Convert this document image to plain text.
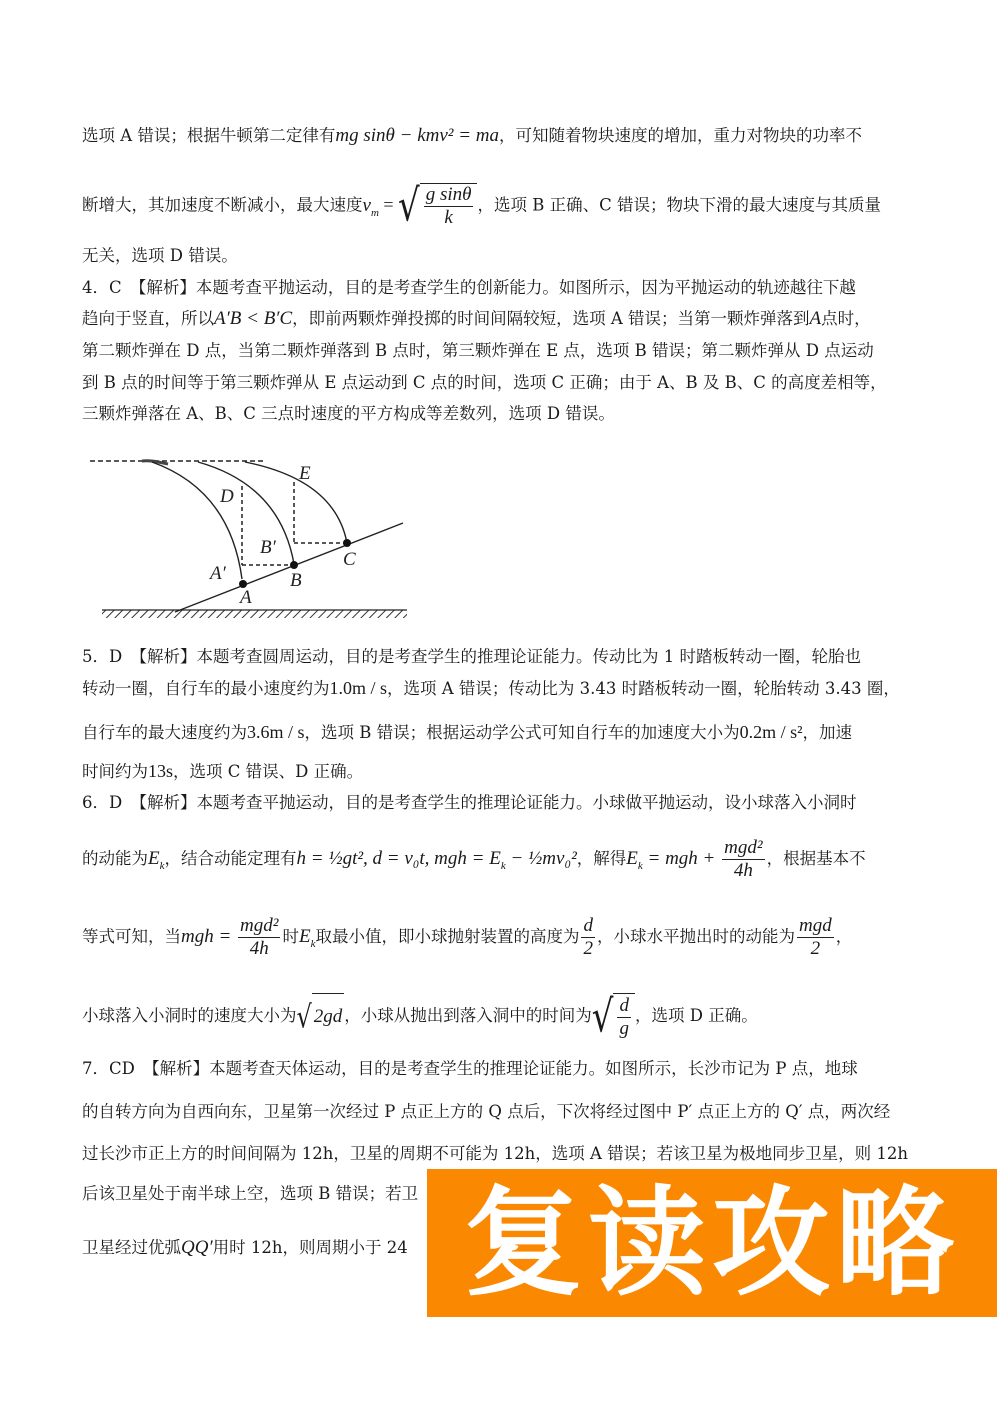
选项 A 错误；根据牛顿第二定律有mg sinθ − kmv² = ma，可知随着物块速度的增加，重力对物块的功率不
断增大，其加速度不断减小，最大速度$v_m$ = √ $\frac{\text{g sinθ}}{k}$ ，选项 B 正确、C 错误；物块下滑的最大速度与其质量
无关，选项 D 错误。
4．C　【解析】本题考查平抛运动，目的是考查学生的创新能力。如图所示，因为平抛运动的轨迹越往下越
趋向于竖直，所以A′B < B′C，即前两颗炸弹投掷的时间间隔较短，选项 A 错误；当第一颗炸弹落到A点时，
第二颗炸弹在 D 点，当第二颗炸弹落到 B 点时，第三颗炸弹在 E 点，选项 B 错误；第二颗炸弹从 D 点运动
到 B 点的时间等于第三颗炸弹从 E 点运动到 C 点的时间，选项 C 正确；由于 A、B 及 B、C 的高度差相等，
三颗炸弹落在 A、B、C 三点时速度的平方构成等差数列，选项 D 错误。
D
E
B′
A′
A
B
C
5．D　【解析】本题考查圆周运动，目的是考查学生的推理论证能力。传动比为 1 时踏板转动一圈，轮胎也
转动一圈，自行车的最小速度约为1.0m / s，选项 A 错误；传动比为 3.43 时踏板转动一圈，轮胎转动 3.43 圈，
自行车的最大速度约为3.6m / s，选项 B 错误；根据运动学公式可知自行车的加速度大小为0.2m / s²，加速
时间约为13s，选项 C 错误、D 正确。
6．D　【解析】本题考查平抛运动，目的是考查学生的推理论证能力。小球做平抛运动，设小球落入小洞时
的动能为$E_k$，结合动能定理有h = ½gt², d = v₀t, mgh = $E_k$ − ½mv₀²，解得$E_k$ = mgh + $\frac{\text{mgd²}}{4h}$ ，根据基本不
等式可知，当mgh = $\frac{\text{mgd²}}{4h}$ 时$E_k$取最小值，即小球抛射装置的高度为 $\frac{d}{2}$ ，小球水平抛出时的动能为 $\frac{\text{mgd}}{2}$ ，
小球落入小洞时的速度大小为 √ 2gd ，小球从抛出到落入洞中的时间为 √ $\frac{d}{g}$ ，选项 D 正确。
7．CD　【解析】本题考查天体运动，目的是考查学生的推理论证能力。如图所示，长沙市记为 P 点，地球
的自转方向为自西向东，卫星第一次经过 P 点正上方的 Q 点后，下次将经过图中 P′ 点正上方的 Q′ 点，两次经
过长沙市正上方的时间间隔为 12h，卫星的周期不可能为 12h，选项 A 错误；若该卫星为极地同步卫星，则 12h
后该卫星处于南半球上空，选项 B 错误；若卫
卫星经过优弧QQ′用时 12h，则周期小于 24 复读攻略
